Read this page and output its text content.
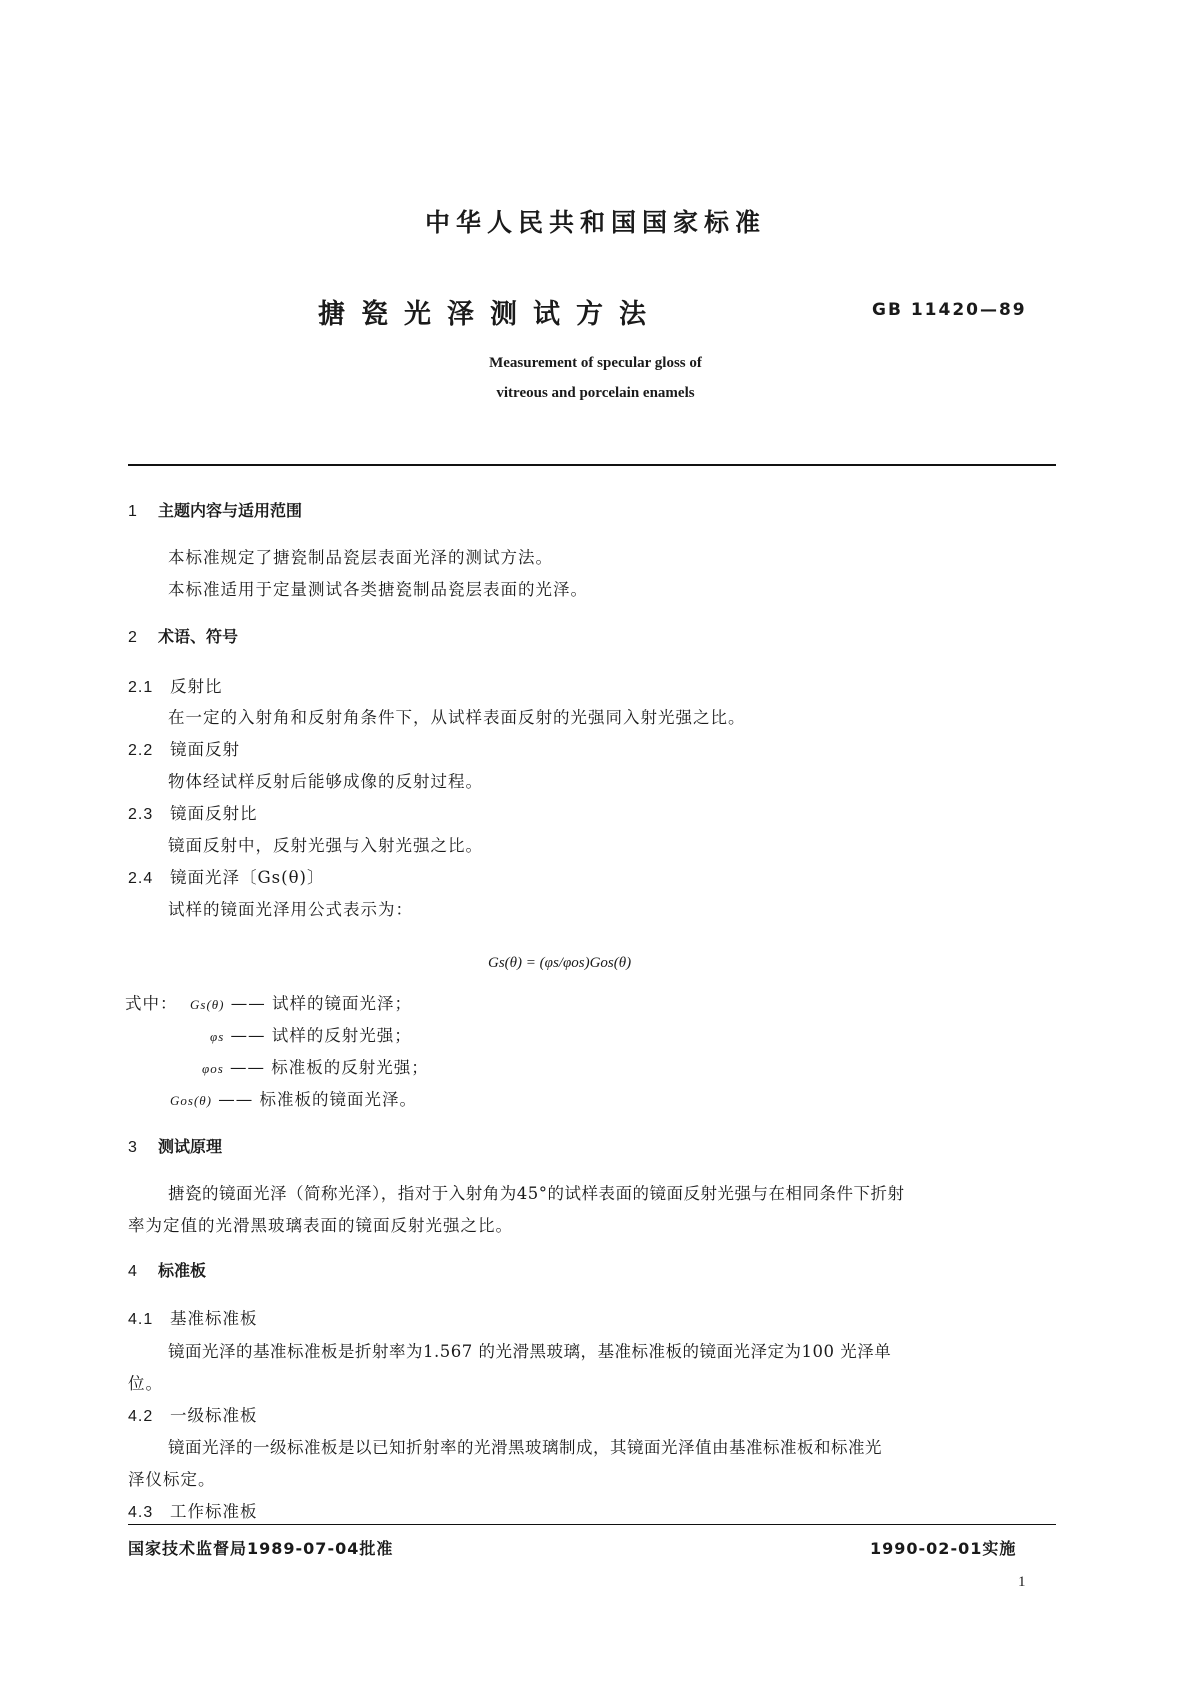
中华人民共和国国家标准
搪瓷光泽测试方法	GB 11420—89
Measurement of specular gloss of
vitreous and porcelain enamels
1 主题内容与适用范围
本标准规定了搪瓷制品瓷层表面光泽的测试方法。
本标准适用于定量测试各类搪瓷制品瓷层表面的光泽。
2 术语、符号
2.1 反射比
在一定的入射角和反射角条件下，从试样表面反射的光强同入射光强之比。
2.2 镜面反射
物体经试样反射后能够成像的反射过程。
2.3 镜面反射比
镜面反射中，反射光强与入射光强之比。
2.4 镜面光泽〔Gs(θ)〕
试样的镜面光泽用公式表示为：
Gs(θ) = (φs/φos)Gos(θ)
式中： Gs(θ) —— 试样的镜面光泽；
φs —— 试样的反射光强；
φos —— 标准板的反射光强；
Gos(θ) —— 标准板的镜面光泽。
3 测试原理
搪瓷的镜面光泽（简称光泽），指对于入射角为45°的试样表面的镜面反射光强与在相同条件下折射
率为定值的光滑黑玻璃表面的镜面反射光强之比。
4 标准板
4.1 基准标准板
镜面光泽的基准标准板是折射率为1.567 的光滑黑玻璃，基准标准板的镜面光泽定为100 光泽单
位。
4.2 一级标准板
镜面光泽的一级标准板是以已知折射率的光滑黑玻璃制成，其镜面光泽值由基准标准板和标准光
泽仪标定。
4.3 工作标准板
国家技术监督局1989-07-04批准	1990-02-01实施
1
